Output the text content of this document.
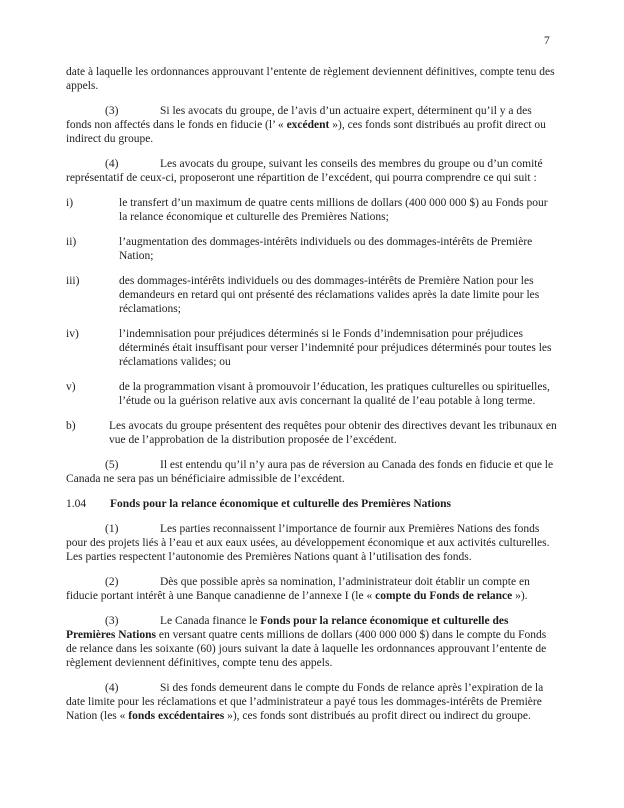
7

date à laquelle les ordonnances approuvant l’entente de règlement deviennent définitives, compte tenu des appels.

(3)	Si les avocats du groupe, de l’avis d’un actuaire expert, déterminent qu’il y a des fonds non affectés dans le fonds en fiducie (l’ « excédent »), ces fonds sont distribués au profit direct ou indirect du groupe.

(4)	Les avocats du groupe, suivant les conseils des membres du groupe ou d’un comité représentatif de ceux-ci, proposeront une répartition de l’excédent, qui pourra comprendre ce qui suit :

i)	le transfert d’un maximum de quatre cents millions de dollars (400 000 000 $) au Fonds pour la relance économique et culturelle des Premières Nations;

ii)	l’augmentation des dommages-intérêts individuels ou des dommages-intérêts de Première Nation;

iii)	des dommages-intérêts individuels ou des dommages-intérêts de Première Nation pour les demandeurs en retard qui ont présenté des réclamations valides après la date limite pour les réclamations;

iv)	l’indemnisation pour préjudices déterminés si le Fonds d’indemnisation pour préjudices déterminés était insuffisant pour verser l’indemnité pour préjudices déterminés pour toutes les réclamations valides; ou

v)	de la programmation visant à promouvoir l’éducation, les pratiques culturelles ou spirituelles, l’étude ou la guérison relative aux avis concernant la qualité de l’eau potable à long terme.

b)	Les avocats du groupe présentent des requêtes pour obtenir des directives devant les tribunaux en vue de l’approbation de la distribution proposée de l’excédent.

(5)	Il est entendu qu’il n’y aura pas de réversion au Canada des fonds en fiducie et que le Canada ne sera pas un bénéficiaire admissible de l’excédent.

1.04 Fonds pour la relance économique et culturelle des Premières Nations

(1)	Les parties reconnaissent l’importance de fournir aux Premières Nations des fonds pour des projets liés à l’eau et aux eaux usées, au développement économique et aux activités culturelles. Les parties respectent l’autonomie des Premières Nations quant à l’utilisation des fonds.

(2)	Dès que possible après sa nomination, l’administrateur doit établir un compte en fiducie portant intérêt à une Banque canadienne de l’annexe I (le « compte du Fonds de relance »).

(3)	Le Canada finance le Fonds pour la relance économique et culturelle des Premières Nations en versant quatre cents millions de dollars (400 000 000 $) dans le compte du Fonds de relance dans les soixante (60) jours suivant la date à laquelle les ordonnances approuvant l’entente de règlement deviennent définitives, compte tenu des appels.

(4)	Si des fonds demeurent dans le compte du Fonds de relance après l’expiration de la date limite pour les réclamations et que l’administrateur a payé tous les dommages-intérêts de Première Nation (les « fonds excédentaires »), ces fonds sont distribués au profit direct ou indirect du groupe.
